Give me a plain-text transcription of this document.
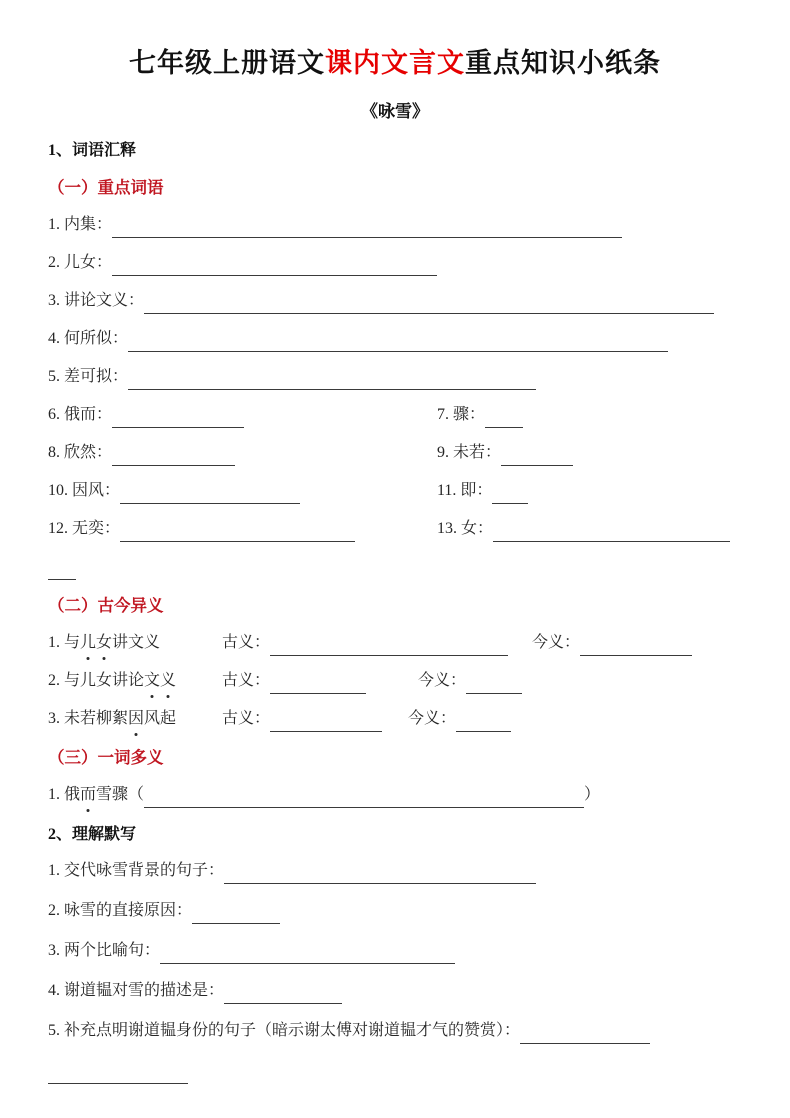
七年级上册语文课内文言文重点知识小纸条
《咏雪》
1、词语汇释
（一）重点词语
1. 内集：
2. 儿女：
3. 讲论文义：
4. 何所似：
5. 差可拟：
6. 俄而：	7. 骤：
8. 欣然：	9. 未若：
10. 因风：	11. 即：
12. 无奕：	13. 女：
（二）古今异义
1. 与儿女讲文义	古义：	今义：
2. 与儿女讲论文义	古义：	今义：
3. 未若柳絮因风起	古义：	今义：
（三）一词多义
1. 俄而雪骤（	）
2、理解默写
1. 交代咏雪背景的句子：
2. 咏雪的直接原因：
3. 两个比喻句：
4. 谢道韫对雪的描述是：
5. 补充点明谢道韫身份的句子（暗示谢太傅对谢道韫才气的赞赏）：
